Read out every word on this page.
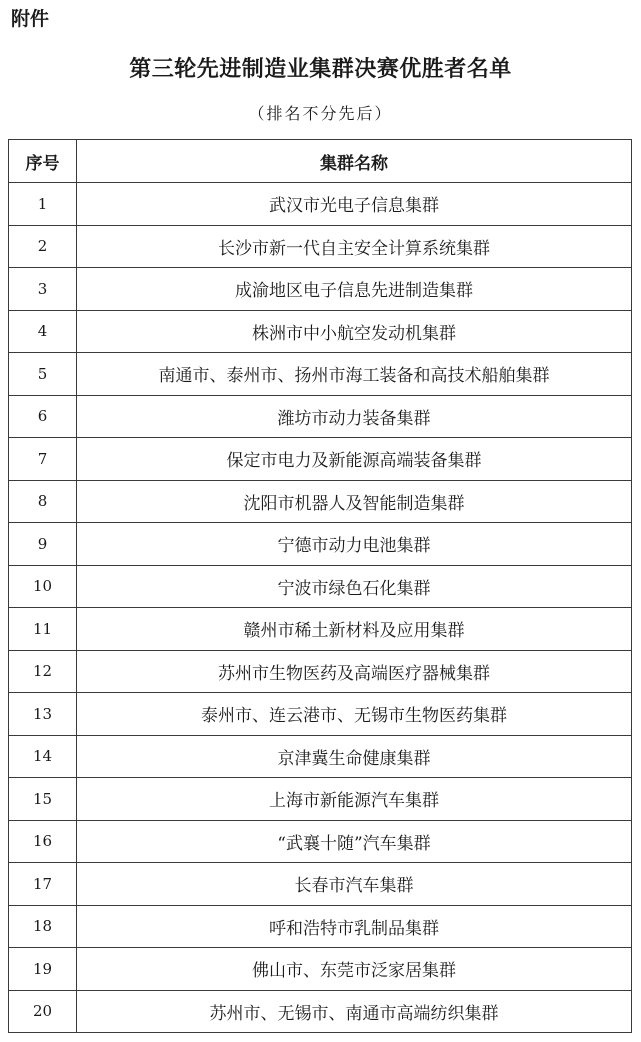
附件
第三轮先进制造业集群决赛优胜者名单
（排名不分先后）
序号	集群名称
1	武汉市光电子信息集群
2	长沙市新一代自主安全计算系统集群
3	成渝地区电子信息先进制造集群
4	株洲市中小航空发动机集群
5	南通市、泰州市、扬州市海工装备和高技术船舶集群
6	潍坊市动力装备集群
7	保定市电力及新能源高端装备集群
8	沈阳市机器人及智能制造集群
9	宁德市动力电池集群
10	宁波市绿色石化集群
11	赣州市稀土新材料及应用集群
12	苏州市生物医药及高端医疗器械集群
13	泰州市、连云港市、无锡市生物医药集群
14	京津冀生命健康集群
15	上海市新能源汽车集群
16	“武襄十随”汽车集群
17	长春市汽车集群
18	呼和浩特市乳制品集群
19	佛山市、东莞市泛家居集群
20	苏州市、无锡市、南通市高端纺织集群
